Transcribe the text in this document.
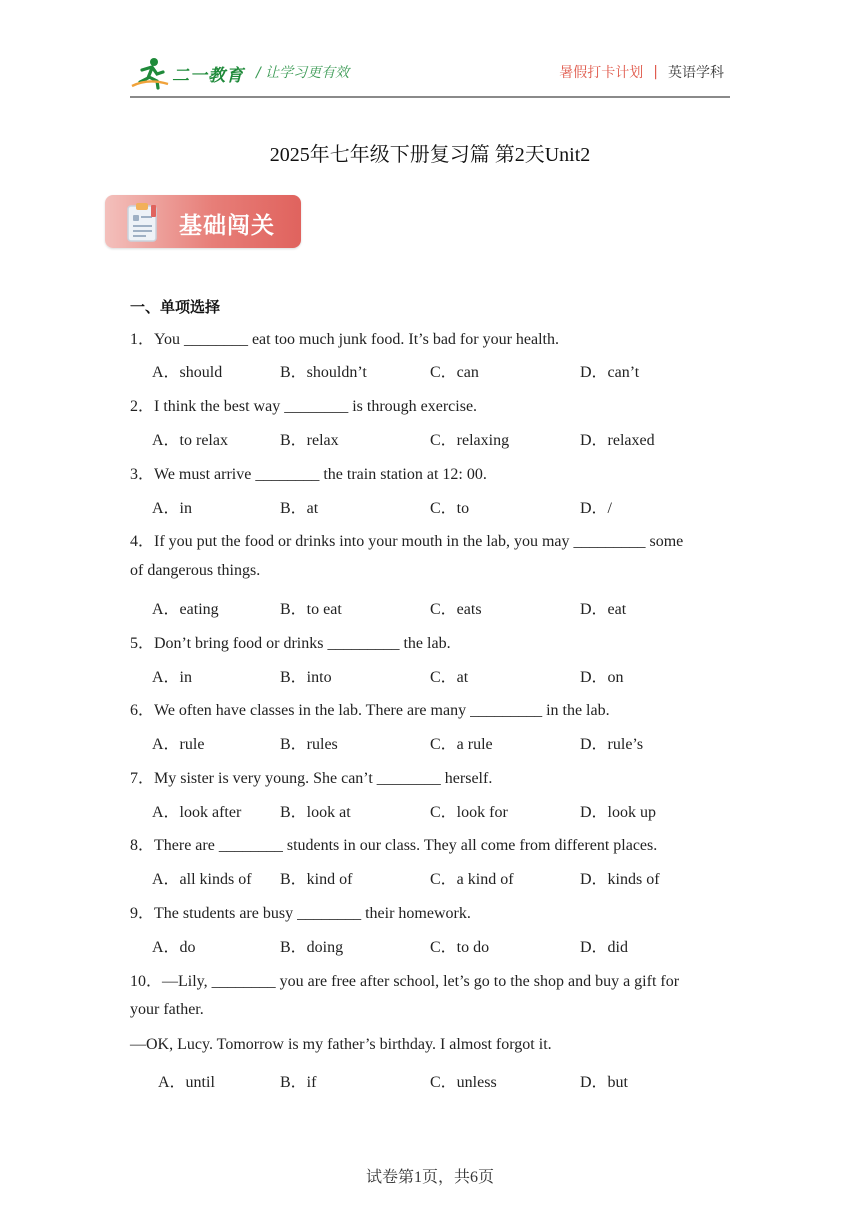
二一教育 / 让学习更有效	暑假打卡计划 | 英语学科
2025年七年级下册复习篇 第2天Unit2
基础闯关
一、单项选择
1．You ________ eat too much junk food. It’s bad for your health.
A．should	B．shouldn’t	C．can	D．can’t
2．I think the best way ________ is through exercise.
A．to relax	B．relax	C．relaxing	D．relaxed
3．We must arrive ________ the train station at 12: 00.
A．in	B．at	C．to	D．/
4．If you put the food or drinks into your mouth in the lab, you may _________ some
of dangerous things.
A．eating	B．to eat	C．eats	D．eat
5．Don’t bring food or drinks _________ the lab.
A．in	B．into	C．at	D．on
6．We often have classes in the lab. There are many _________ in the lab.
A．rule	B．rules	C．a rule	D．rule’s
7．My sister is very young. She can’t ________ herself.
A．look after B．look at	C．look for	D．look up
8．There are ________ students in our class. They all come from different places.
A．all kinds of B．kind of	C．a kind of	D．kinds of
9．The students are busy ________ their homework.
A．do	B．doing	C．to do	D．did
10．—Lily, ________ you are free after school, let’s go to the shop and buy a gift for
your father.
—OK, Lucy. Tomorrow is my father’s birthday. I almost forgot it.
A．until	B．if	C．unless	D．but
试卷第1页，共6页
